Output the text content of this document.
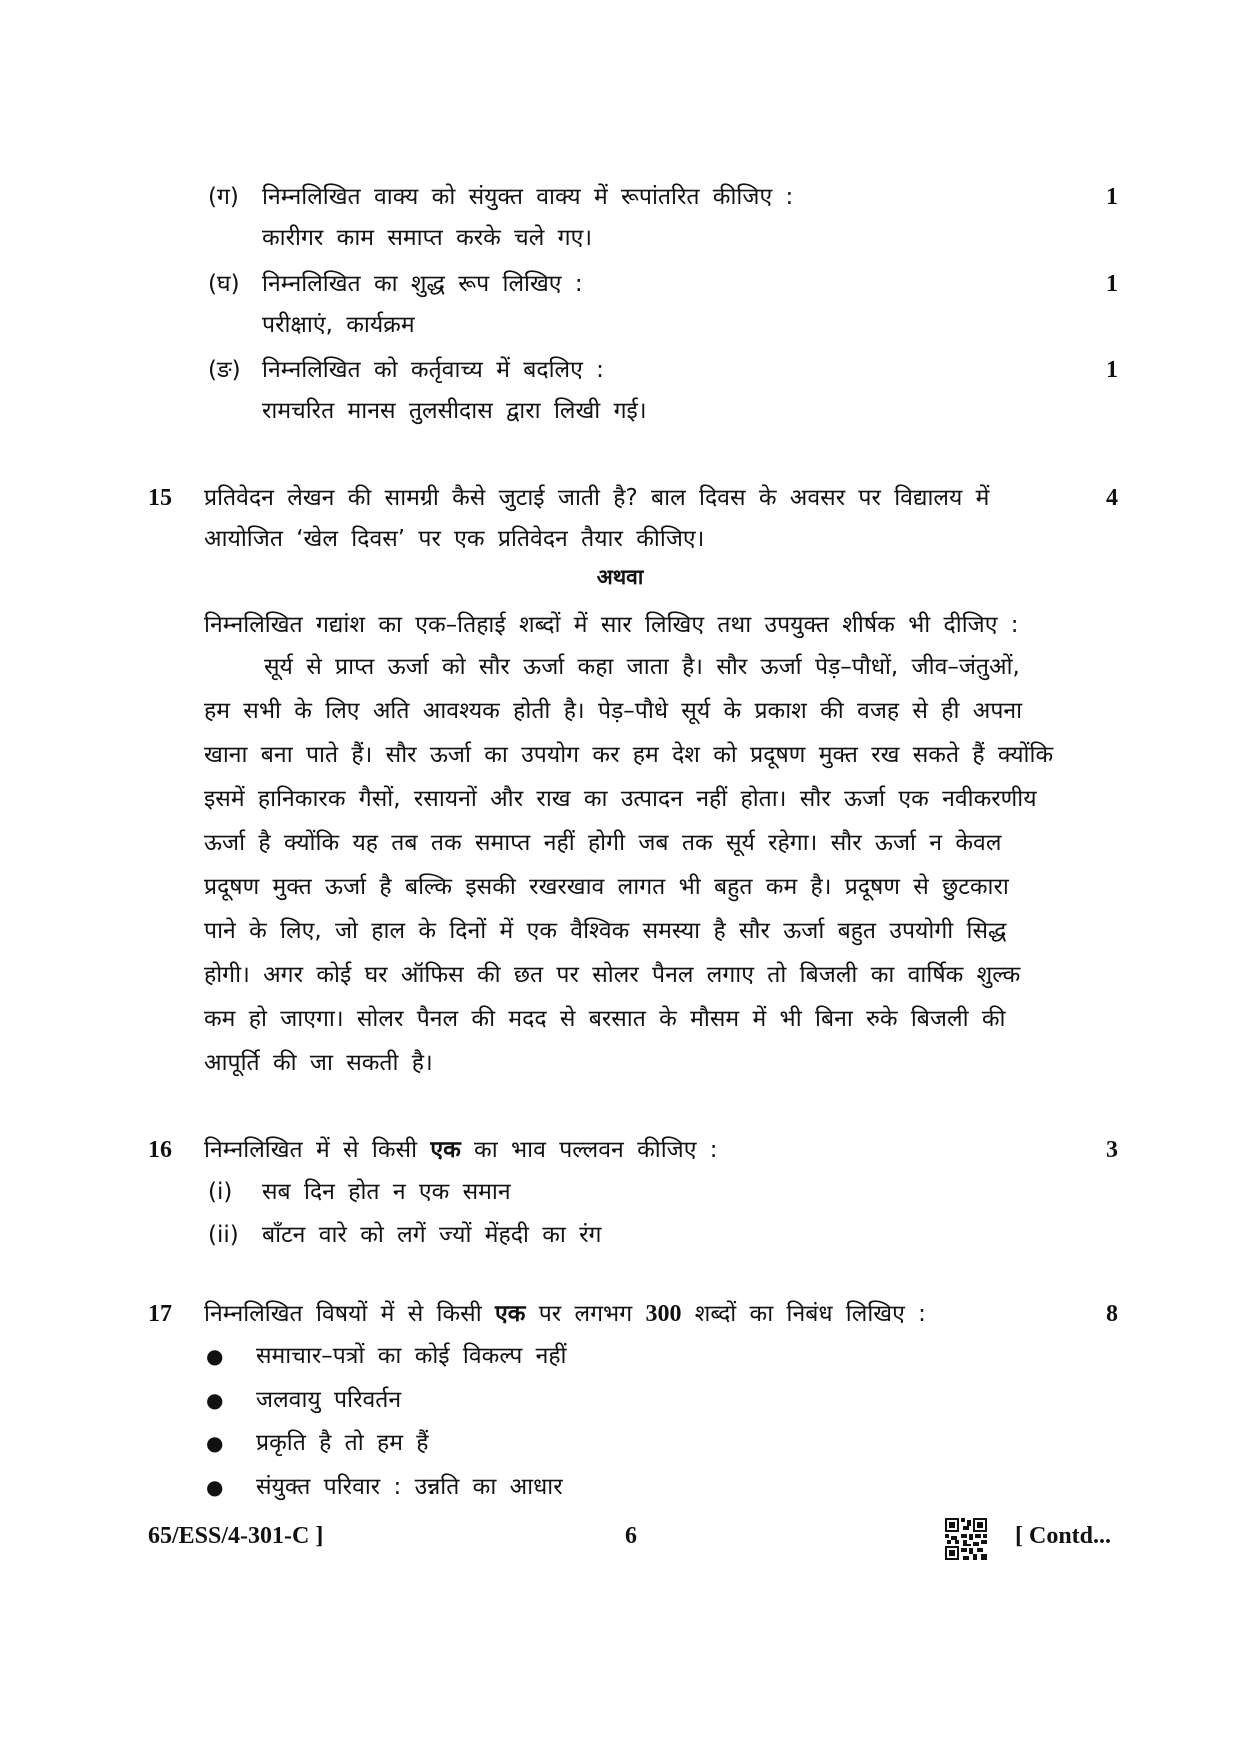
(ग) निम्नलिखित वाक्य को संयुक्त वाक्य में रूपांतरित कीजिए :	1
कारीगर काम समाप्त करके चले गए।
(घ) निम्नलिखित का शुद्ध रूप लिखिए :	1
परीक्षाएं, कार्यक्रम
(ङ) निम्नलिखित को कर्तृवाच्य में बदलिए :	1
रामचरित मानस तुलसीदास द्वारा लिखी गई।
15 प्रतिवेदन लेखन की सामग्री कैसे जुटाई जाती है? बाल दिवस के अवसर पर विद्यालय में	4
आयोजित ‘खेल दिवस’ पर एक प्रतिवेदन तैयार कीजिए।
अथवा
निम्नलिखित गद्यांश का एक–तिहाई शब्दों में सार लिखिए तथा उपयुक्त शीर्षक भी दीजिए :
सूर्य से प्राप्त ऊर्जा को सौर ऊर्जा कहा जाता है। सौर ऊर्जा पेड़–पौधों, जीव–जंतुओं,
हम सभी के लिए अति आवश्यक होती है। पेड़–पौधे सूर्य के प्रकाश की वजह से ही अपना
खाना बना पाते हैं। सौर ऊर्जा का उपयोग कर हम देश को प्रदूषण मुक्त रख सकते हैं क्योंकि
इसमें हानिकारक गैसों, रसायनों और राख का उत्पादन नहीं होता। सौर ऊर्जा एक नवीकरणीय
ऊर्जा है क्योंकि यह तब तक समाप्त नहीं होगी जब तक सूर्य रहेगा। सौर ऊर्जा न केवल
प्रदूषण मुक्त ऊर्जा है बल्कि इसकी रखरखाव लागत भी बहुत कम है। प्रदूषण से छुटकारा
पाने के लिए, जो हाल के दिनों में एक वैश्विक समस्या है सौर ऊर्जा बहुत उपयोगी सिद्ध
होगी। अगर कोई घर ऑफिस की छत पर सोलर पैनल लगाए तो बिजली का वार्षिक शुल्क
कम हो जाएगा। सोलर पैनल की मदद से बरसात के मौसम में भी बिना रुके बिजली की
आपूर्ति की जा सकती है।
16 निम्नलिखित में से किसी एक का भाव पल्लवन कीजिए :	3
(i) सब दिन होत न एक समान
(ii) बाँटन वारे को लगें ज्यों मेंहदी का रंग
17 निम्नलिखित विषयों में से किसी एक पर लगभग 300 शब्दों का निबंध लिखिए :	8
● समाचार–पत्रों का कोई विकल्प नहीं
● जलवायु परिवर्तन
● प्रकृति है तो हम हैं
● संयुक्त परिवार : उन्नति का आधार
65/ESS/4-301-C ]	6	[ Contd...
